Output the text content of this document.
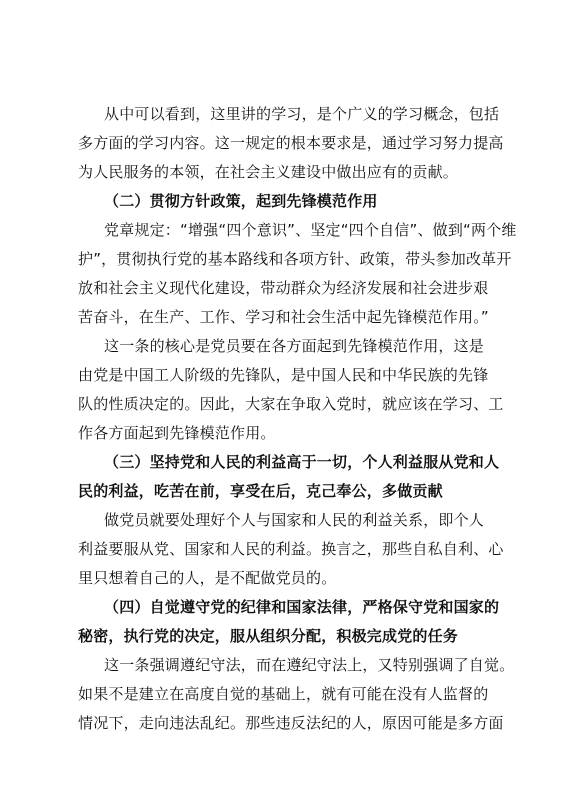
从中可以看到，这里讲的学习，是个广义的学习概念，包括
多方面的学习内容。这一规定的根本要求是，通过学习努力提高
为人民服务的本领，在社会主义建设中做出应有的贡献。
（二）贯彻方针政策，起到先锋模范作用
党章规定：“增强“四个意识”、坚定“四个自信”、做到“两个维
护”，贯彻执行党的基本路线和各项方针、政策，带头参加改革开
放和社会主义现代化建设，带动群众为经济发展和社会进步艰
苦奋斗，在生产、工作、学习和社会生活中起先锋模范作用。”
这一条的核心是党员要在各方面起到先锋模范作用，这是
由党是中国工人阶级的先锋队，是中国人民和中华民族的先锋
队的性质决定的。因此，大家在争取入党时，就应该在学习、工
作各方面起到先锋模范作用。
（三）坚持党和人民的利益高于一切，个人利益服从党和人
民的利益，吃苦在前，享受在后，克己奉公，多做贡献
做党员就要处理好个人与国家和人民的利益关系，即个人
利益要服从党、国家和人民的利益。换言之，那些自私自利、心
里只想着自己的人，是不配做党员的。
（四）自觉遵守党的纪律和国家法律，严格保守党和国家的
秘密，执行党的决定，服从组织分配，积极完成党的任务
这一条强调遵纪守法，而在遵纪守法上，又特别强调了自觉。
如果不是建立在高度自觉的基础上，就有可能在没有人监督的
情况下，走向违法乱纪。那些违反法纪的人，原因可能是多方面
